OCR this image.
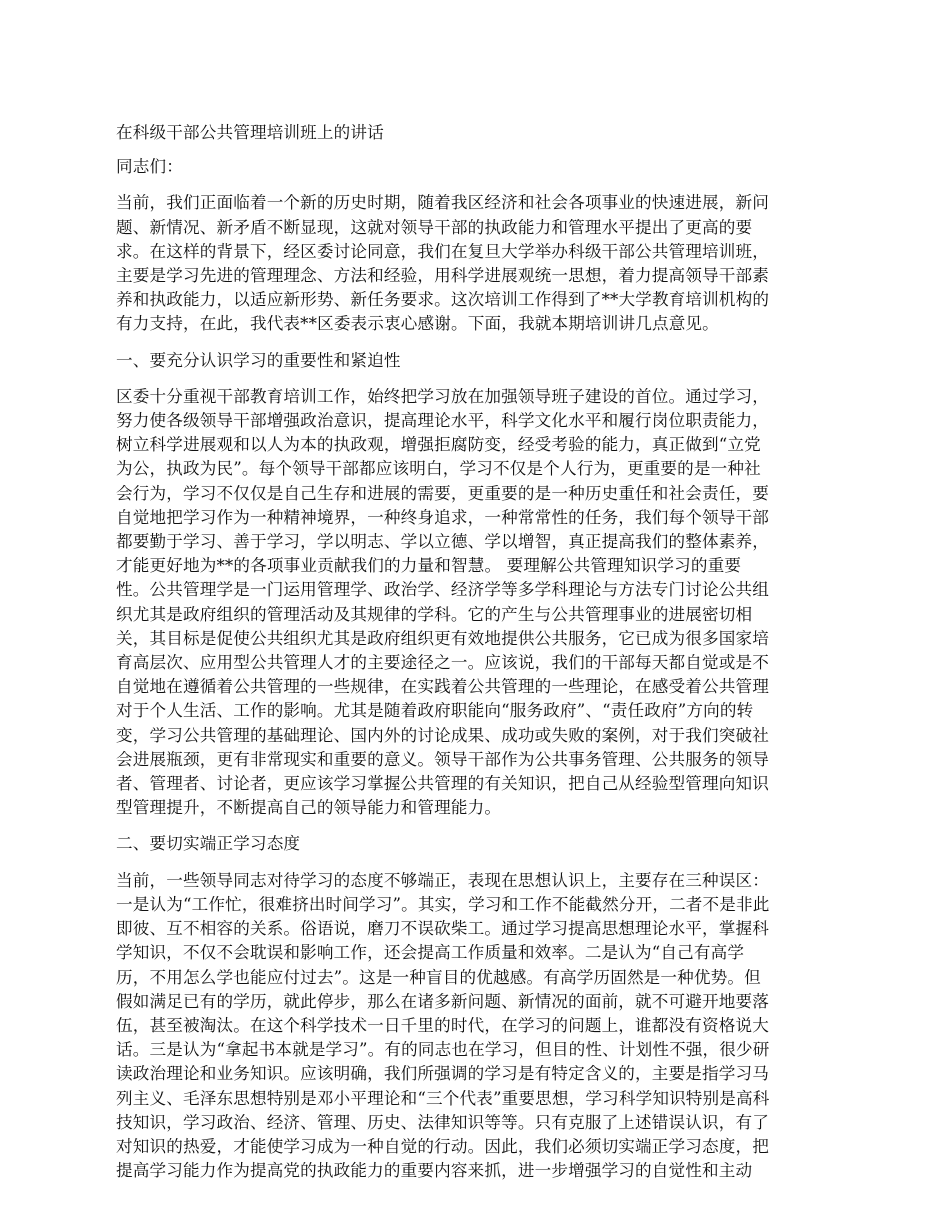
在科级干部公共管理培训班上的讲话

同志们：

当前，我们正面临着一个新的历史时期，随着我区经济和社会各项事业的快速进展，新问

题、新情况、新矛盾不断显现，这就对领导干部的执政能力和管理水平提出了更高的要

求。在这样的背景下，经区委讨论同意，我们在复旦大学举办科级干部公共管理培训班，

主要是学习先进的管理理念、方法和经验，用科学进展观统一思想，着力提高领导干部素

养和执政能力，以适应新形势、新任务要求。这次培训工作得到了**大学教育培训机构的

有力支持，在此，我代表**区委表示衷心感谢。下面，我就本期培训讲几点意见。

一、要充分认识学习的重要性和紧迫性

区委十分重视干部教育培训工作，始终把学习放在加强领导班子建设的首位。通过学习，

努力使各级领导干部增强政治意识，提高理论水平，科学文化水平和履行岗位职责能力，

树立科学进展观和以人为本的执政观，增强拒腐防变，经受考验的能力，真正做到“立党

为公，执政为民”。每个领导干部都应该明白，学习不仅是个人行为，更重要的是一种社

会行为，学习不仅仅是自己生存和进展的需要，更重要的是一种历史重任和社会责任，要

自觉地把学习作为一种精神境界，一种终身追求，一种常常性的任务，我们每个领导干部

都要勤于学习、善于学习，学以明志、学以立德、学以增智，真正提高我们的整体素养，

才能更好地为**的各项事业贡献我们的力量和智慧。 要理解公共管理知识学习的重要

性。公共管理学是一门运用管理学、政治学、经济学等多学科理论与方法专门讨论公共组

织尤其是政府组织的管理活动及其规律的学科。它的产生与公共管理事业的进展密切相

关，其目标是促使公共组织尤其是政府组织更有效地提供公共服务，它已成为很多国家培

育高层次、应用型公共管理人才的主要途径之一。应该说，我们的干部每天都自觉或是不

自觉地在遵循着公共管理的一些规律，在实践着公共管理的一些理论，在感受着公共管理

对于个人生活、工作的影响。尤其是随着政府职能向“服务政府”、“责任政府”方向的转

变，学习公共管理的基础理论、国内外的讨论成果、成功或失败的案例，对于我们突破社

会进展瓶颈，更有非常现实和重要的意义。领导干部作为公共事务管理、公共服务的领导

者、管理者、讨论者，更应该学习掌握公共管理的有关知识，把自己从经验型管理向知识

型管理提升，不断提高自己的领导能力和管理能力。

二、要切实端正学习态度

当前，一些领导同志对待学习的态度不够端正，表现在思想认识上，主要存在三种误区：

一是认为“工作忙，很难挤出时间学习”。其实，学习和工作不能截然分开，二者不是非此

即彼、互不相容的关系。俗语说，磨刀不误砍柴工。通过学习提高思想理论水平，掌握科

学知识，不仅不会耽误和影响工作，还会提高工作质量和效率。二是认为“自己有高学

历，不用怎么学也能应付过去”。这是一种盲目的优越感。有高学历固然是一种优势。但

假如满足已有的学历，就此停步，那么在诸多新问题、新情况的面前，就不可避开地要落

伍，甚至被淘汰。在这个科学技术一日千里的时代，在学习的问题上，谁都没有资格说大

话。三是认为“拿起书本就是学习”。有的同志也在学习，但目的性、计划性不强，很少研

读政治理论和业务知识。应该明确，我们所强调的学习是有特定含义的，主要是指学习马

列主义、毛泽东思想特别是邓小平理论和“三个代表”重要思想，学习科学知识特别是高科

技知识，学习政治、经济、管理、历史、法律知识等等。只有克服了上述错误认识，有了

对知识的热爱，才能使学习成为一种自觉的行动。因此，我们必须切实端正学习态度，把

提高学习能力作为提高党的执政能力的重要内容来抓，进一步增强学习的自觉性和主动
